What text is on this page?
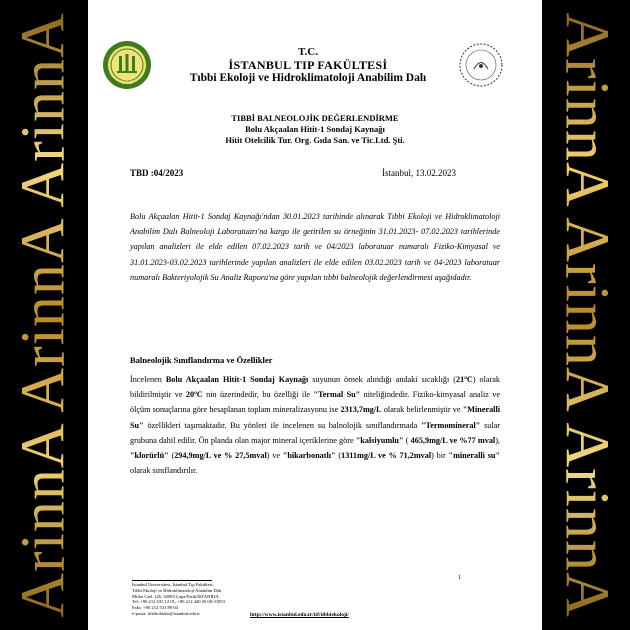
ArinnA ArinnA ArinnA	ArinnA ArinnA ArinnA
1453
T.C.
İSTANBUL TIP FAKÜLTESİ
Tıbbi Ekoloji ve Hidroklimatoloji Anabilim Dalı
TIBBİ BALNEOLOJİK DEĞERLENDİRME
Bolu Akçaalan Hitit-1 Sondaj Kaynağı
Hitit Otelcilik Tur. Org. Gıda San. ve Tic.Ltd. Şti.
TBD :04/2023	İstanbul, 13.02.2023
Bolu Akçaalan Hitit-1 Sondaj Kaynağı'ndan 30.01.2023 tarihinde alınarak Tıbbi Ekoloji ve Hidroklimatoloji Anabilim Dalı Balneoloji Laboratuarı'na kargo ile getirilen su örneğinin 31.01.2023- 07.02.2023 tarihlerinde yapılan analizleri ile elde edilen 07.02.2023 tarih ve 04/2023 laboratuar numaralı Fiziko-Kimyasal ve 31.01.2023-03.02.2023 tarihlerinde yapılan analizleri ile elde edilen 03.02.2023 tarih ve 04-2023 laboratuar numaralı Bakteriyolojik Su Analiz Raporu'na göre yapılan tıbbi balneolojik değerlendirmesi aşağıdadır.
Balneolojik Sınıflandırma ve Özellikler
İncelenen Bolu Akçaalan Hitit-1 Sondaj Kaynağı suyunun örnek alındığı andaki sıcaklığı (21ºC) olarak bildirilmiştir ve 20ºC nin üzerindedir, bu özelliği ile "Termal Su" niteliğindedir. Fiziko-kimyasal analiz ve ölçüm sonuçlarına göre hesaplanan toplam mineralizasyonu ise 2313,7mg/L olarak belirlenmiştir ve "Mineralli Su" özellikleri taşımaktadır. Bu yönleri ile incelenen su balnolojik sınıflandırmada "Termomineral" sular grubuna dahil edilir. Ön planda olan major mineral içeriklerine göre "kalsiyumlu" ( 465,9mg/L ve %77 mval), "klorürlü" (294,9mg/L ve % 27,5mval) ve "bikarbonatlı" (1311mg/L ve % 71,2mval) bir "mineralli su" olarak sınıflandırılır.
İstanbul Üniversitesi, İstanbul Tıp Fakültesi,
Tıbbi Ekoloji ve Hidroklimatoloji Anabilim Dalı
Millet Cad. 126, 34093 Çapa/Fatih/İSTANBUL
Tel: +90 212 635 12 01, +90 212 440 20 00-31853
Faks: +90 212 531 89 04
e-posta: itftekohidro@istanbul.edu.tr
1
http://www.istanbul.edu.tr/itf/tibbiekoloji/
